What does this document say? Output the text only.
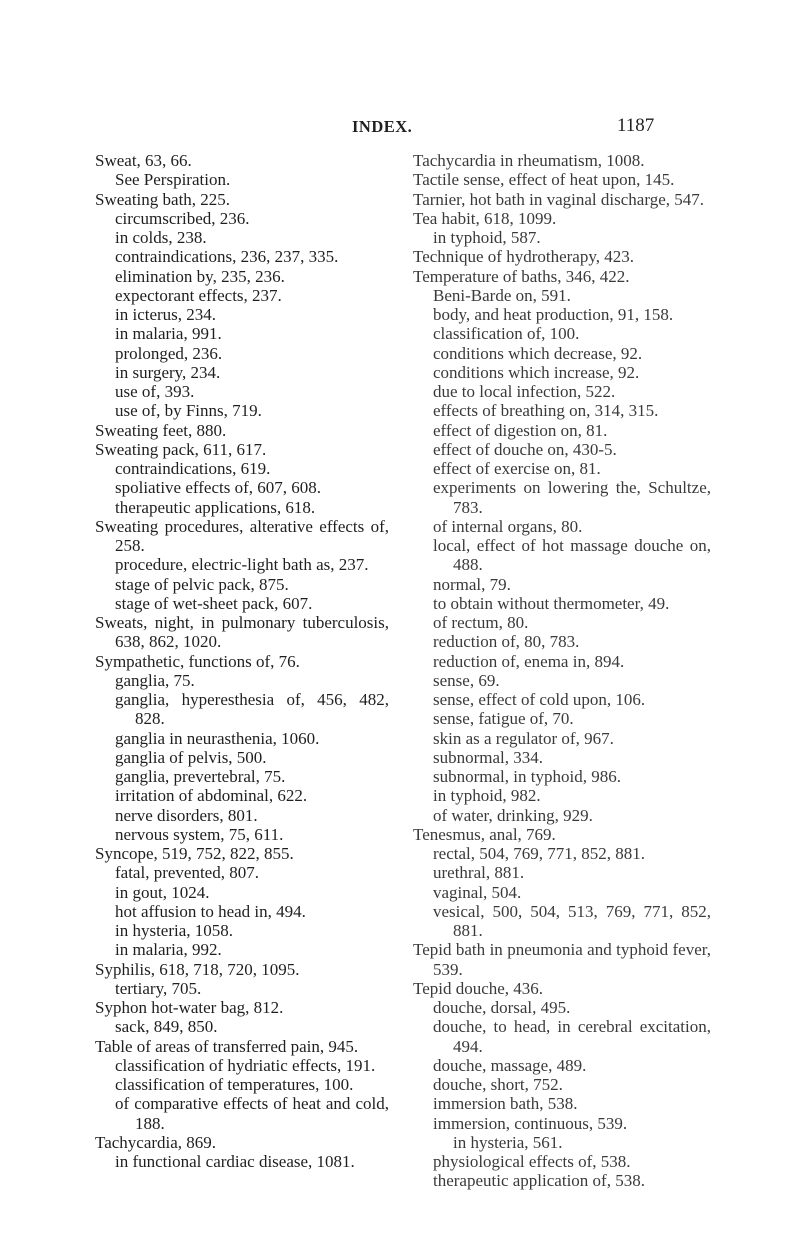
INDEX.	1187

Sweat, 63, 66.

See Perspiration.

Sweating bath, 225.

circumscribed, 236.

in colds, 238.

contraindications, 236, 237, 335.

elimination by, 235, 236.

expectorant effects, 237.

in icterus, 234.

in malaria, 991.

prolonged, 236.

in surgery, 234.

use of, 393.

use of, by Finns, 719.

Sweating feet, 880.

Sweating pack, 611, 617.

contraindications, 619.

spoliative effects of, 607, 608.

therapeutic applications, 618.

Sweating procedures, alterative effects of, 258.

procedure, electric-light bath as, 237.

stage of pelvic pack, 875.

stage of wet-sheet pack, 607.

Sweats, night, in pulmonary tuberculosis, 638, 862, 1020.

Sympathetic, functions of, 76.

ganglia, 75.

ganglia, hyperesthesia of, 456, 482, 828.

ganglia in neurasthenia, 1060.

ganglia of pelvis, 500.

ganglia, prevertebral, 75.

irritation of abdominal, 622.

nerve disorders, 801.

nervous system, 75, 611.

Syncope, 519, 752, 822, 855.

fatal, prevented, 807.

in gout, 1024.

hot affusion to head in, 494.

in hysteria, 1058.

in malaria, 992.

Syphilis, 618, 718, 720, 1095.

tertiary, 705.

Syphon hot-water bag, 812.

sack, 849, 850.

Table of areas of transferred pain, 945.

classification of hydriatic effects, 191.

classification of temperatures, 100.

of comparative effects of heat and cold, 188.

Tachycardia, 869.

in functional cardiac disease, 1081.

Tachycardia in rheumatism, 1008.

Tactile sense, effect of heat upon, 145.

Tarnier, hot bath in vaginal discharge, 547.

Tea habit, 618, 1099.

in typhoid, 587.

Technique of hydrotherapy, 423.

Temperature of baths, 346, 422.

Beni-Barde on, 591.

body, and heat production, 91, 158.

classification of, 100.

conditions which decrease, 92.

conditions which increase, 92.

due to local infection, 522.

effects of breathing on, 314, 315.

effect of digestion on, 81.

effect of douche on, 430-5.

effect of exercise on, 81.

experiments on lowering the, Schultze, 783.

of internal organs, 80.

local, effect of hot massage douche on, 488.

normal, 79.

to obtain without thermometer, 49.

of rectum, 80.

reduction of, 80, 783.

reduction of, enema in, 894.

sense, 69.

sense, effect of cold upon, 106.

sense, fatigue of, 70.

skin as a regulator of, 967.

subnormal, 334.

subnormal, in typhoid, 986.

in typhoid, 982.

of water, drinking, 929.

Tenesmus, anal, 769.

rectal, 504, 769, 771, 852, 881.

urethral, 881.

vaginal, 504.

vesical, 500, 504, 513, 769, 771, 852, 881.

Tepid bath in pneumonia and typhoid fever, 539.

Tepid douche, 436.

douche, dorsal, 495.

douche, to head, in cerebral excitation, 494.

douche, massage, 489.

douche, short, 752.

immersion bath, 538.

immersion, continuous, 539.

in hysteria, 561.

physiological effects of, 538.

therapeutic application of, 538.
